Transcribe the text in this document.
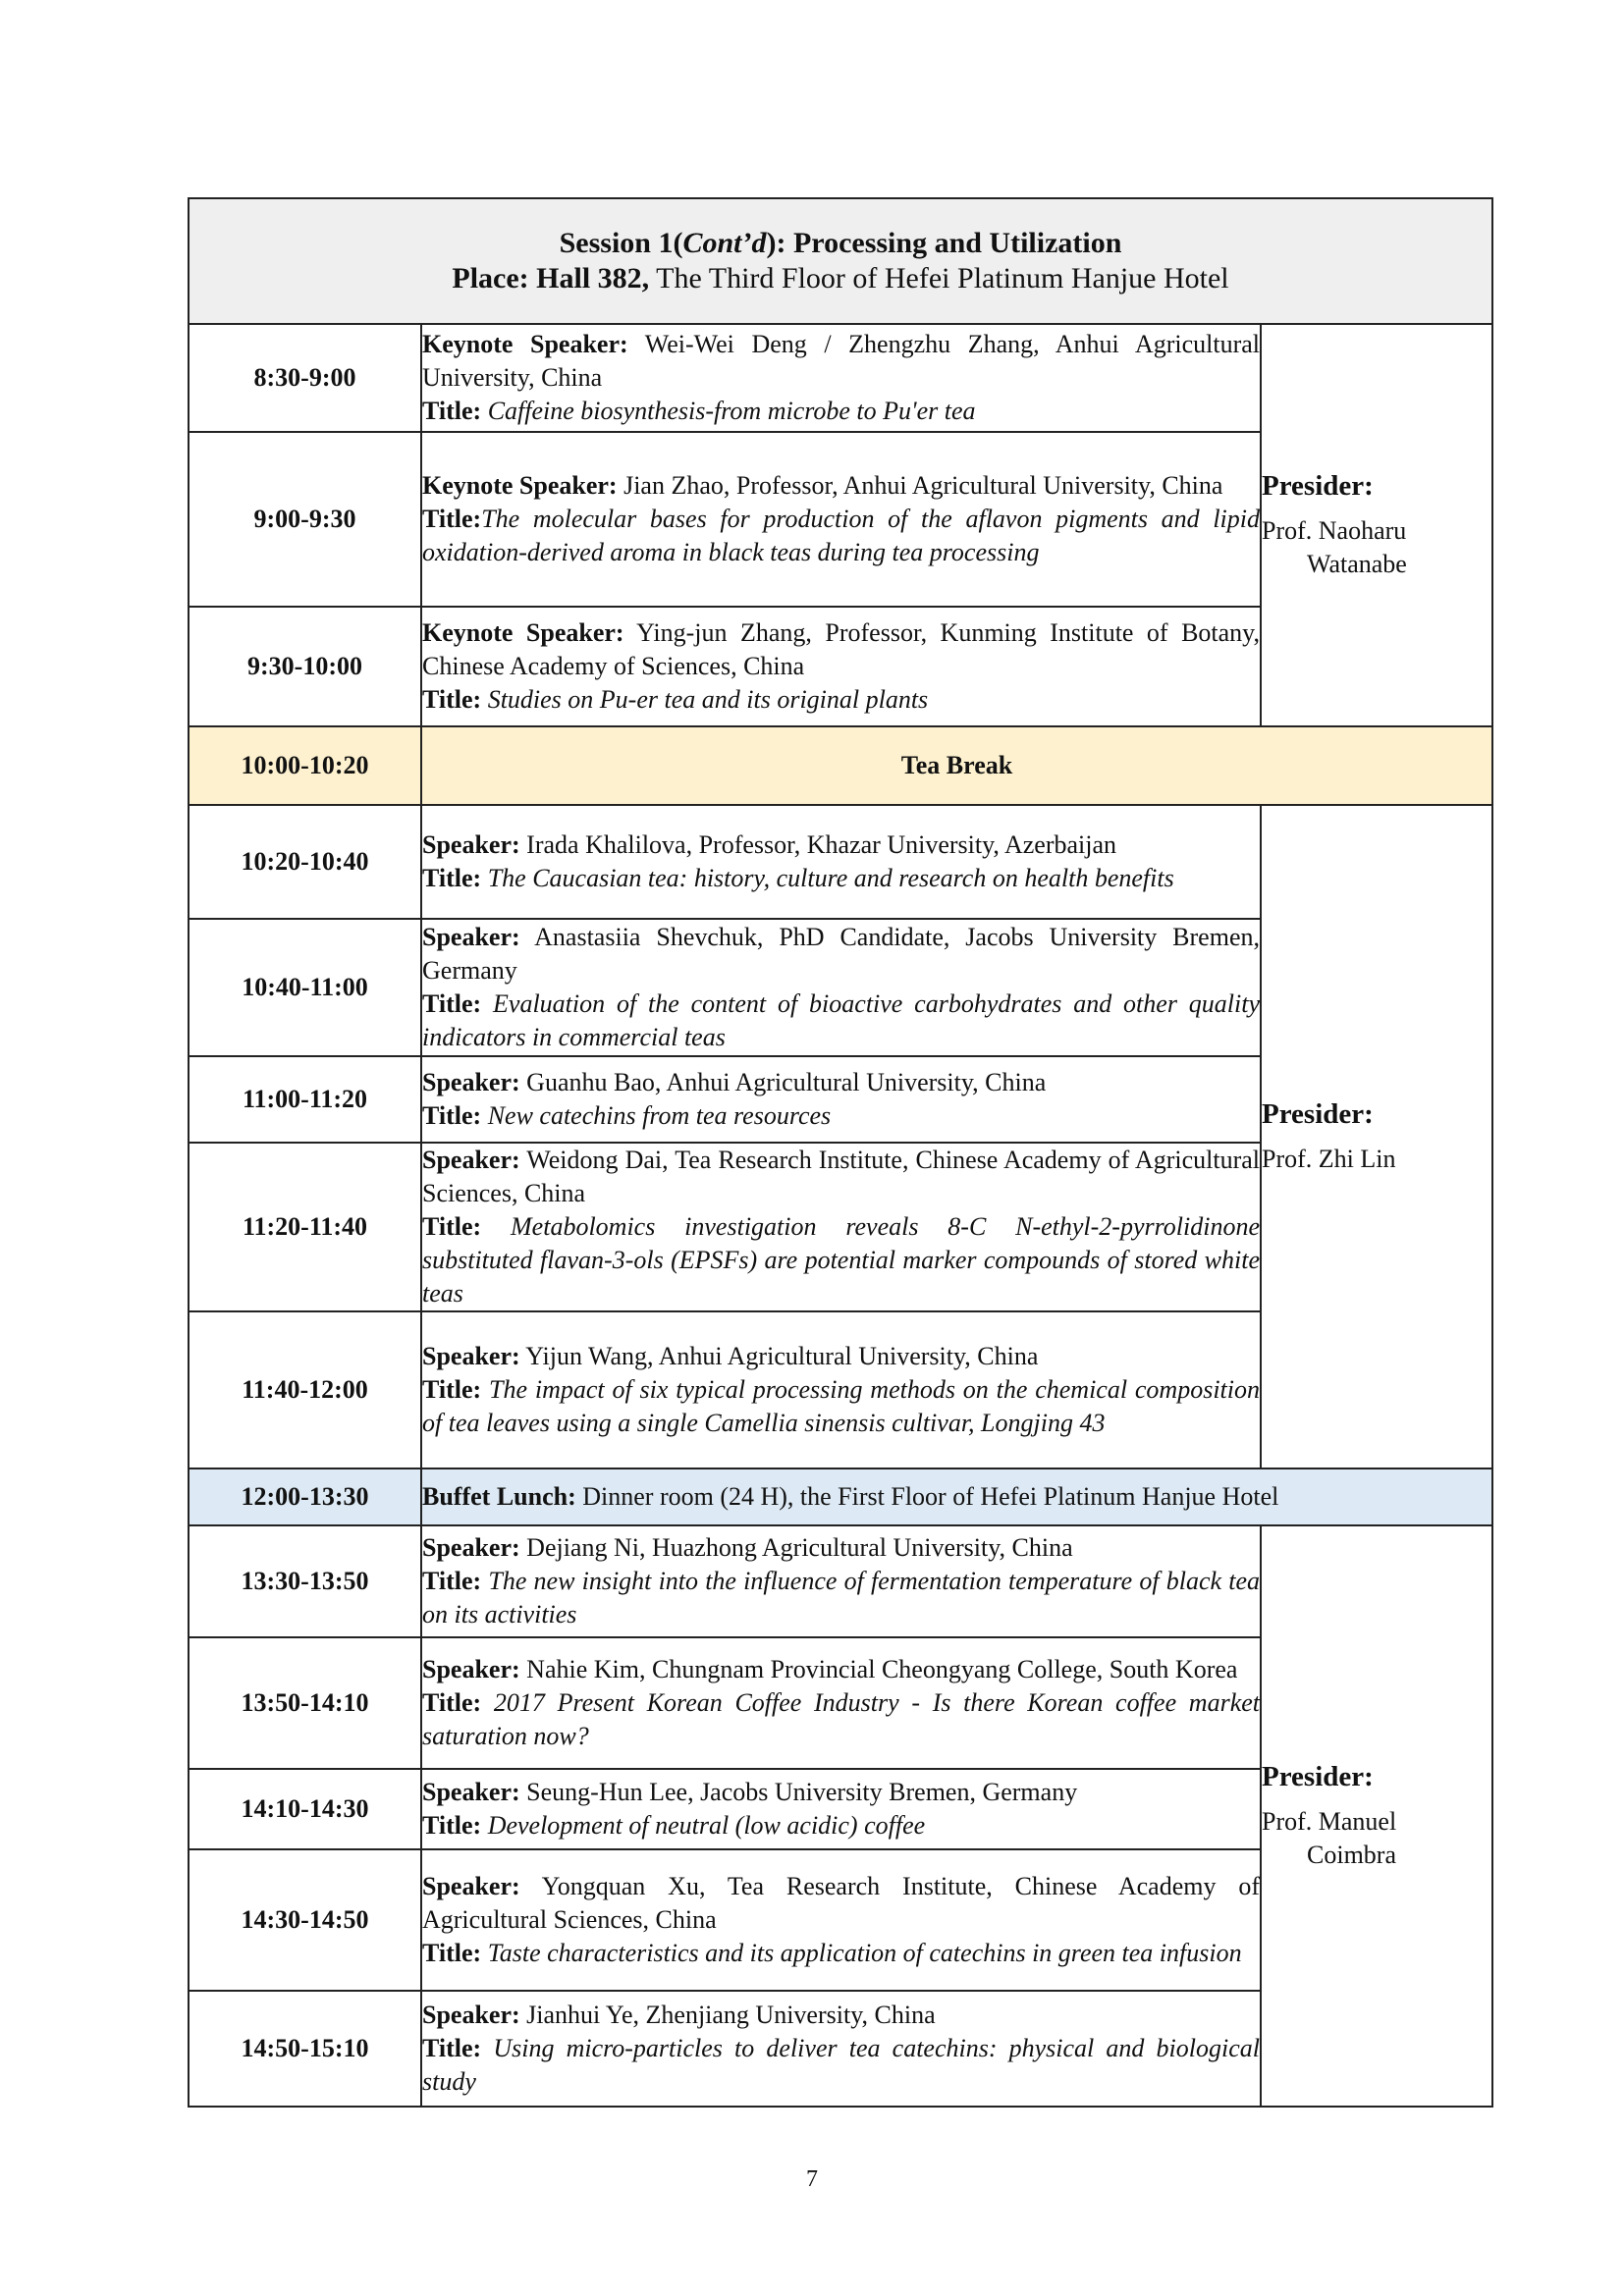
Session 1(Cont’d): Processing and Utilization
Place: Hall 382, The Third Floor of Hefei Platinum Hanjue Hotel		

8:30-9:00	Keynote Speaker: Wei-Wei Deng / Zhengzhu Zhang, Anhui Agricultural University, China
Title: Caffeine biosynthesis-from microbe to Pu'er tea	Presider:
Prof. Naoharu
Watanabe

9:00-9:30	Keynote Speaker: Jian Zhao, Professor, Anhui Agricultural University, China
Title:The molecular bases for production of the aflavon pigments and lipid oxidation-derived aroma in black teas during tea processing	
9:30-10:00	Keynote Speaker: Ying-jun Zhang, Professor, Kunming Institute of Botany, Chinese Academy of Sciences, China
Title: Studies on Pu-er tea and its original plants	
10:00-10:20	Tea Break	
10:20-10:40	Speaker: Irada Khalilova, Professor, Khazar University, Azerbaijan
Title: The Caucasian tea: history, culture and research on health benefits	Presider:
Prof. Zhi Lin

10:40-11:00	Speaker: Anastasiia Shevchuk, PhD Candidate, Jacobs University Bremen, Germany
Title: Evaluation of the content of bioactive carbohydrates and other quality indicators in commercial teas	
11:00-11:20	Speaker: Guanhu Bao, Anhui Agricultural University, China
Title: New catechins from tea resources	
11:20-11:40	Speaker: Weidong Dai, Tea Research Institute, Chinese Academy of Agricultural Sciences, China
Title: Metabolomics investigation reveals 8-C N-ethyl-2-pyrrolidinone substituted flavan-3-ols (EPSFs) are potential marker compounds of stored white teas	
11:40-12:00	Speaker: Yijun Wang, Anhui Agricultural University, China
Title: The impact of six typical processing methods on the chemical composition of tea leaves using a single Camellia sinensis cultivar, Longjing 43	
12:00-13:30	Buffet Lunch: Dinner room (24 H), the First Floor of Hefei Platinum Hanjue Hotel	
13:30-13:50	Speaker: Dejiang Ni, Huazhong Agricultural University, China
Title: The new insight into the influence of fermentation temperature of black tea on its activities	Presider:
Prof. Manuel
Coimbra

13:50-14:10	Speaker: Nahie Kim, Chungnam Provincial Cheongyang College, South Korea
Title: 2017 Present Korean Coffee Industry - Is there Korean coffee market saturation now?	
14:10-14:30	Speaker: Seung-Hun Lee, Jacobs University Bremen, Germany
Title: Development of neutral (low acidic) coffee	
14:30-14:50	Speaker: Yongquan Xu, Tea Research Institute, Chinese Academy of Agricultural Sciences, China
Title: Taste characteristics and its application of catechins in green tea infusion	
14:50-15:10	Speaker: Jianhui Ye, Zhenjiang University, China
Title: Using micro-particles to deliver tea catechins: physical and biological study	
7
